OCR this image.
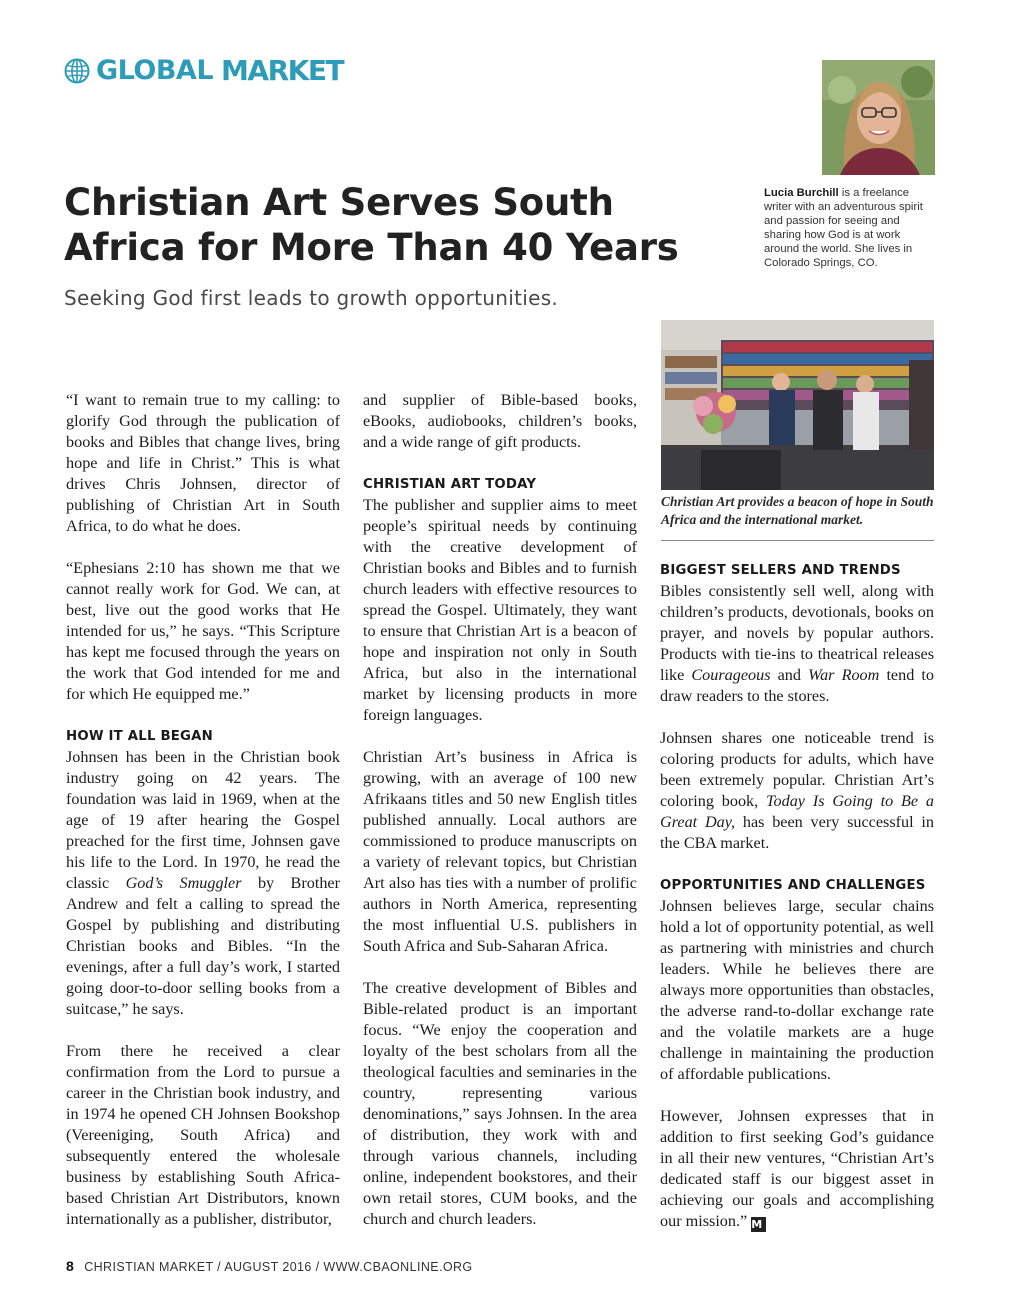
GLOBAL MARKET
Christian Art Serves South Africa for More Than 40 Years
Seeking God first leads to growth opportunities.
Lucia Burchill is a freelance writer with an adventurous spirit and passion for seeing and sharing how God is at work around the world. She lives in Colorado Springs, CO.
Christian Art provides a beacon of hope in South Africa and the international market.

“I want to remain true to my calling: to glorify God through the publication of books and Bibles that change lives, bring hope and life in Christ.” This is what drives Chris Johnsen, director of publishing of Christian Art in South Africa, to do what he does.

“Ephesians 2:10 has shown me that we cannot really work for God. We can, at best, live out the good works that He intended for us,” he says. “This Scripture has kept me focused through the years on the work that God intended for me and for which He equipped me.”

HOW IT ALL BEGAN

Johnsen has been in the Christian book industry going on 42 years. The foundation was laid in 1969, when at the age of 19 after hearing the Gospel preached for the first time, Johnsen gave his life to the Lord. In 1970, he read the classic God’s Smuggler by Brother Andrew and felt a calling to spread the Gospel by publishing and distributing Christian books and Bibles. “In the evenings, after a full day’s work, I started going door-to-door selling books from a suitcase,” he says.

From there he received a clear confirmation from the Lord to pursue a career in the Christian book industry, and in 1974 he opened CH Johnsen Bookshop (Vereeniging, South Africa) and subsequently entered the wholesale business by establishing South Africa-based Christian Art Distributors, known internationally as a publisher, distributor,

and supplier of Bible-based books, eBooks, audiobooks, children’s books, and a wide range of gift products.

CHRISTIAN ART TODAY

The publisher and supplier aims to meet people’s spiritual needs by continuing with the creative development of Christian books and Bibles and to furnish church leaders with effective resources to spread the Gospel. Ultimately, they want to ensure that Christian Art is a beacon of hope and inspiration not only in South Africa, but also in the international market by licensing products in more foreign languages.

Christian Art’s business in Africa is growing, with an average of 100 new Afrikaans titles and 50 new English titles published annually. Local authors are commissioned to produce manuscripts on a variety of relevant topics, but Christian Art also has ties with a number of prolific authors in North America, representing the most influential U.S. publishers in South Africa and Sub-Saharan Africa.

The creative development of Bibles and Bible-related product is an important focus. “We enjoy the cooperation and loyalty of the best scholars from all the theological faculties and seminaries in the country, representing various denominations,” says Johnsen. In the area of distribution, they work with and through various channels, including online, independent bookstores, and their own retail stores, CUM books, and the church and church leaders.

BIGGEST SELLERS AND TRENDS

Bibles consistently sell well, along with children’s products, devotionals, books on prayer, and novels by popular authors. Products with tie-ins to theatrical releases like Courageous and War Room tend to draw readers to the stores.

Johnsen shares one noticeable trend is coloring products for adults, which have been extremely popular. Christian Art’s coloring book, Today Is Going to Be a Great Day, has been very successful in the CBA market.

OPPORTUNITIES AND CHALLENGES

Johnsen believes large, secular chains hold a lot of opportunity potential, as well as partnering with ministries and church leaders. While he believes there are always more opportunities than obstacles, the adverse rand-to-dollar exchange rate and the volatile markets are a huge challenge in maintaining the production of affordable publications.

However, Johnsen expresses that in addition to first seeking God’s guidance in all their new ventures, “Christian Art’s dedicated staff is our biggest asset in achieving our goals and accomplishing our mission.” M

8 CHRISTIAN MARKET / AUGUST 2016 / WWW.CBAONLINE.ORG
